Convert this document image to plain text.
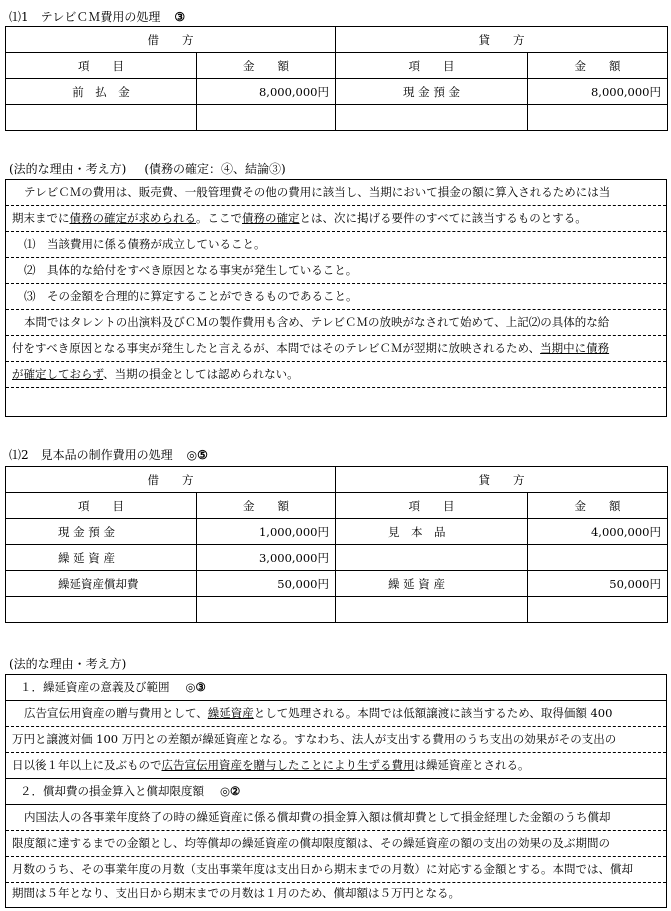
⑴1　テレビＣＭ費用の処理 ③
借　　方		貸　　方	
項　　目	金　　額	項　　目	金　　額
前　払　金	8,000,000円	現 金 預 金	8,000,000円

(法的な理由・考え方) (債務の確定：④、結論③)
テレビＣＭの費用は、販売費、一般管理費その他の費用に該当し、当期において損金の額に算入されるためには当
期末までに債務の確定が求められる。ここで債務の確定とは、次に掲げる要件のすべてに該当するものとする。
⑴　当該費用に係る債務が成立していること。
⑵　具体的な給付をすべき原因となる事実が発生していること。
⑶　その金額を合理的に算定することができるものであること。
本問ではタレントの出演料及びＣＭの製作費用も含め、テレビＣＭの放映がなされて始めて、上記⑵の具体的な給
付をすべき原因となる事実が発生したと言えるが、本問ではそのテレビＣＭが翌期に放映されるため、当期中に債務
が確定しておらず、当期の損金としては認められない。
⑴2　見本品の制作費用の処理 ◎⑤
借　　方		貸　　方	
項　　目	金　　額	項　　目	金　　額
現 金 預 金	1,000,000円	見　本　品	4,000,000円
繰 延 資 産	3,000,000円		
繰延資産償却費	50,000円	繰 延 資 産	50,000円

(法的な理由・考え方)
１．繰延資産の意義及び範囲 ◎③
広告宣伝用資産の贈与費用として、繰延資産として処理される。本問では低額譲渡に該当するため、取得価額 400
万円と譲渡対価 100 万円との差額が繰延資産となる。すなわち、法人が支出する費用のうち支出の効果がその支出の
日以後１年以上に及ぶもので広告宣伝用資産を贈与したことにより生ずる費用は繰延資産とされる。
２．償却費の損金算入と償却限度額 ◎②
内国法人の各事業年度終了の時の繰延資産に係る償却費の損金算入額は償却費として損金経理した金額のうち償却
限度額に達するまでの金額とし、均等償却の繰延資産の償却限度額は、その繰延資産の額の支出の効果の及ぶ期間の
月数のうち、その事業年度の月数（支出事業年度は支出日から期末までの月数）に対応する金額とする。本問では、償却
期間は５年となり、支出日から期末までの月数は１月のため、償却額は５万円となる。
